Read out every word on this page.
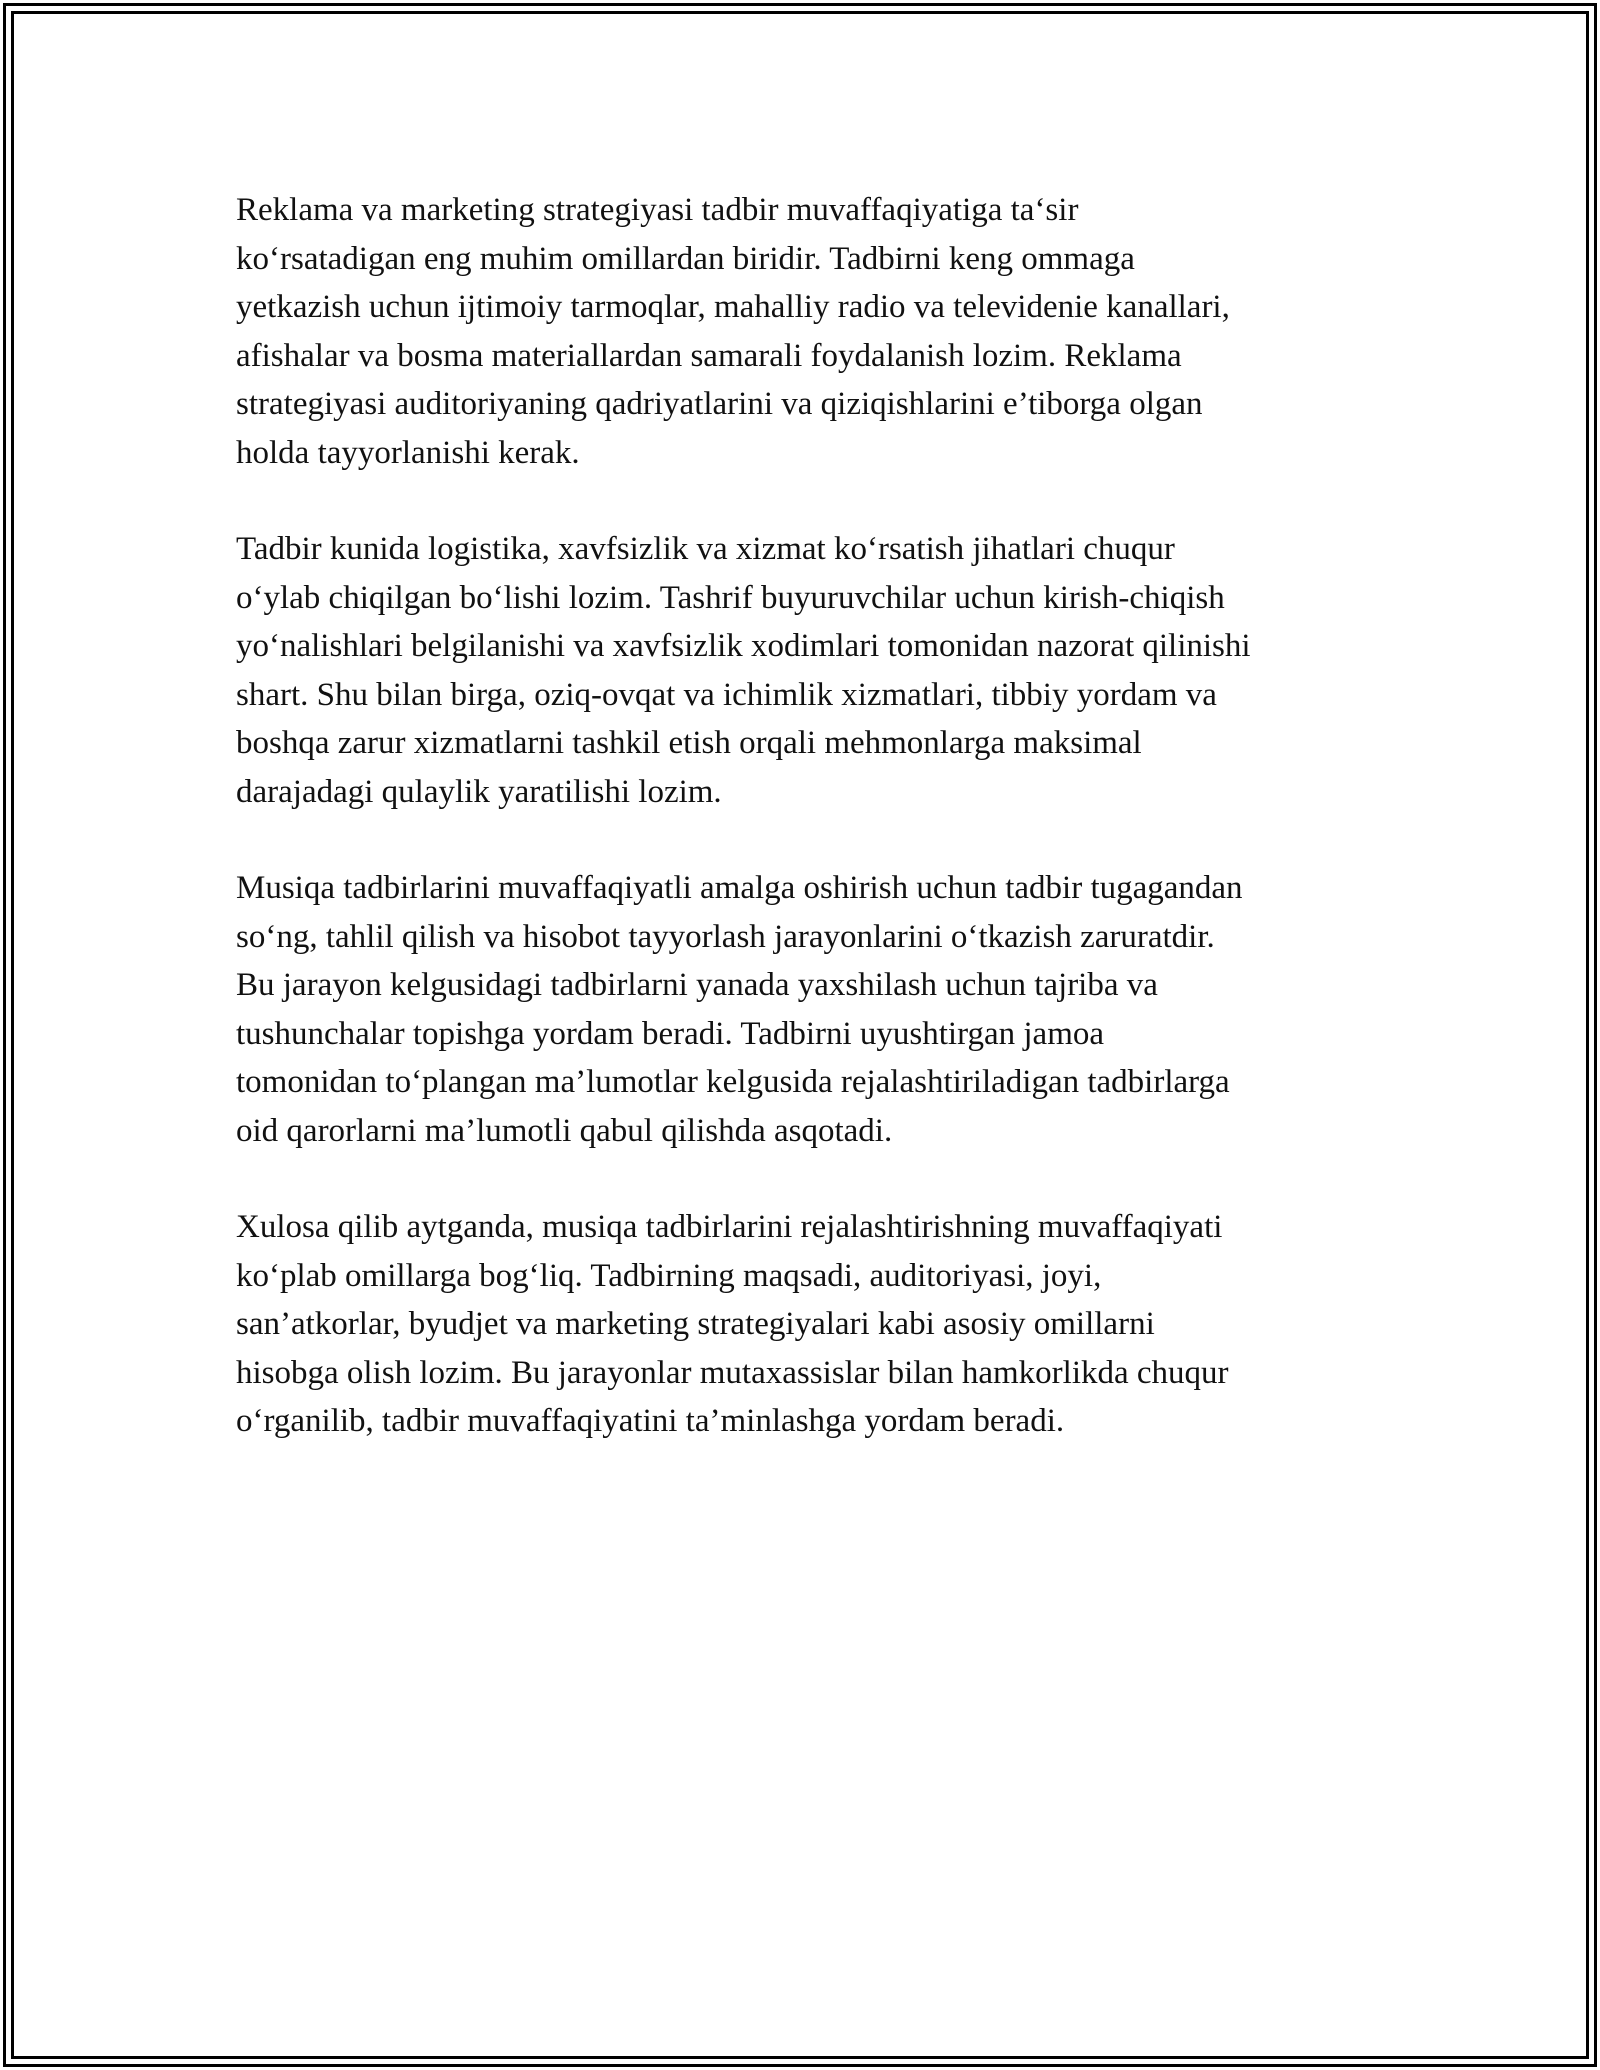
Reklama va marketing strategiyasi tadbir muvaffaqiyatiga ta‘sir
ko‘rsatadigan eng muhim omillardan biridir. Tadbirni keng ommaga
yetkazish uchun ijtimoiy tarmoqlar, mahalliy radio va televidenie kanallari,
afishalar va bosma materiallardan samarali foydalanish lozim. Reklama
strategiyasi auditoriyaning qadriyatlarini va qiziqishlarini e’tiborga olgan
holda tayyorlanishi kerak.

Tadbir kunida logistika, xavfsizlik va xizmat ko‘rsatish jihatlari chuqur
o‘ylab chiqilgan bo‘lishi lozim. Tashrif buyuruvchilar uchun kirish-chiqish
yo‘nalishlari belgilanishi va xavfsizlik xodimlari tomonidan nazorat qilinishi
shart. Shu bilan birga, oziq-ovqat va ichimlik xizmatlari, tibbiy yordam va
boshqa zarur xizmatlarni tashkil etish orqali mehmonlarga maksimal
darajadagi qulaylik yaratilishi lozim.

Musiqa tadbirlarini muvaffaqiyatli amalga oshirish uchun tadbir tugagandan
so‘ng, tahlil qilish va hisobot tayyorlash jarayonlarini o‘tkazish zaruratdir.
Bu jarayon kelgusidagi tadbirlarni yanada yaxshilash uchun tajriba va
tushunchalar topishga yordam beradi. Tadbirni uyushtirgan jamoa
tomonidan to‘plangan ma’lumotlar kelgusida rejalashtiriladigan tadbirlarga
oid qarorlarni ma’lumotli qabul qilishda asqotadi.

Xulosa qilib aytganda, musiqa tadbirlarini rejalashtirishning muvaffaqiyati
ko‘plab omillarga bog‘liq. Tadbirning maqsadi, auditoriyasi, joyi,
san’atkorlar, byudjet va marketing strategiyalari kabi asosiy omillarni
hisobga olish lozim. Bu jarayonlar mutaxassislar bilan hamkorlikda chuqur
o‘rganilib, tadbir muvaffaqiyatini ta’minlashga yordam beradi.
